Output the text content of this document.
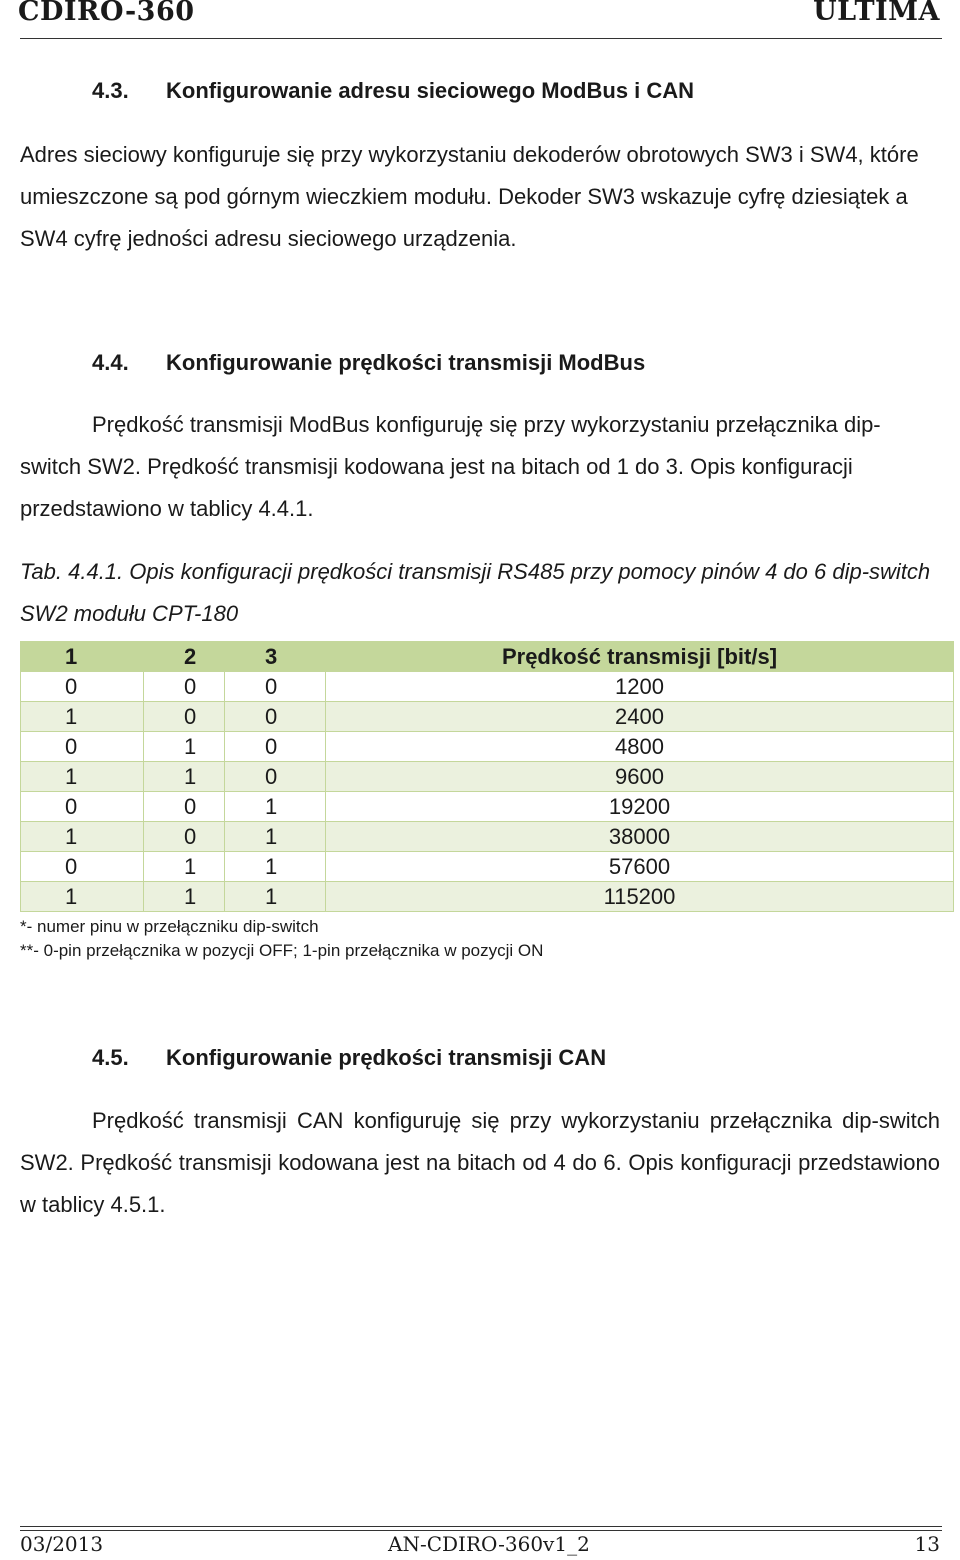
CDIRO-360	ULTIMA
4.3.	Konfigurowanie adresu sieciowego ModBus i CAN

Adres sieciowy konfiguruje się przy wykorzystaniu dekoderów obrotowych SW3 i SW4, które umieszczone są pod górnym wieczkiem modułu. Dekoder SW3 wskazuje cyfrę dziesiątek a SW4 cyfrę jedności adresu sieciowego urządzenia.

4.4.	Konfigurowanie prędkości transmisji ModBus

Prędkość transmisji ModBus konfiguruję się przy wykorzystaniu przełącznika dip-switch SW2. Prędkość transmisji kodowana jest na bitach od 1 do 3. Opis konfiguracji przedstawiono w tablicy 4.4.1.

Tab. 4.4.1. Opis konfiguracji prędkości transmisji RS485 przy pomocy pinów 4 do 6 dip-switch SW2 modułu CPT-180
1	2	3	Prędkość transmisji [bit/s]
0	0	0	1200
1	0	0	2400
0	1	0	4800
1	1	0	9600
0	0	1	19200
1	0	1	38000
0	1	1	57600
1	1	1	115200
*- numer pinu w przełączniku dip-switch
**- 0-pin przełącznika w pozycji OFF; 1-pin przełącznika w pozycji ON
4.5.	Konfigurowanie prędkości transmisji CAN

Prędkość transmisji CAN konfiguruję się przy wykorzystaniu przełącznika dip-switch SW2. Prędkość transmisji kodowana jest na bitach od 4 do 6. Opis konfiguracji przedstawiono w tablicy 4.5.1.

03/2013	AN-CDIRO-360v1_2	13
